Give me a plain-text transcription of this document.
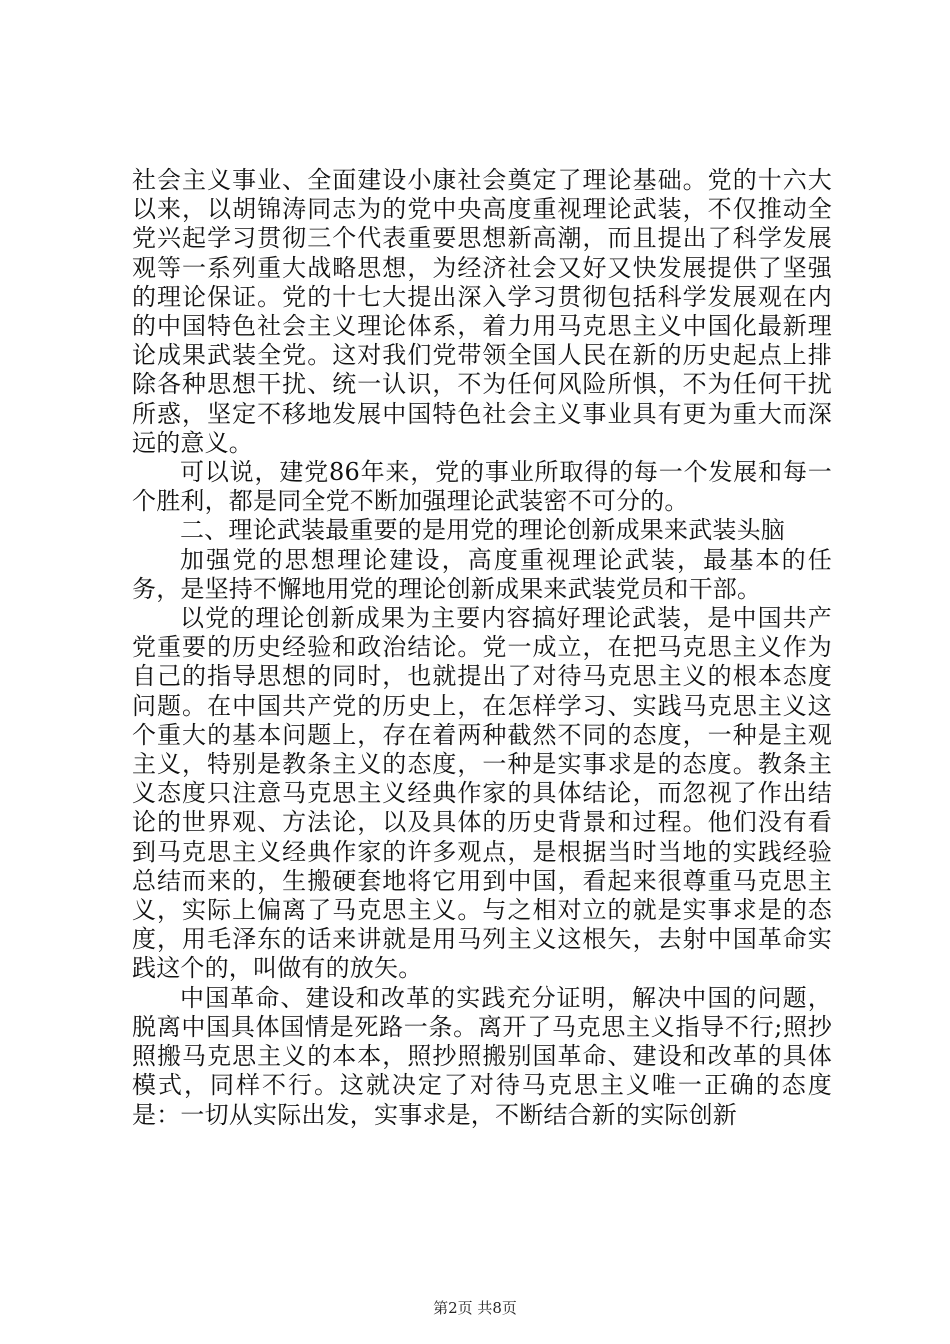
社会主义事业、全面建设小康社会奠定了理论基础。党的十六大以来，以胡锦涛同志为的党中央高度重视理论武装，不仅推动全党兴起学习贯彻三个代表重要思想新高潮，而且提出了科学发展观等一系列重大战略思想，为经济社会又好又快发展提供了坚强的理论保证。党的十七大提出深入学习贯彻包括科学发展观在内的中国特色社会主义理论体系，着力用马克思主义中国化最新理论成果武装全党。这对我们党带领全国人民在新的历史起点上排除各种思想干扰、统一认识，不为任何风险所惧，不为任何干扰所惑，坚定不移地发展中国特色社会主义事业具有更为重大而深远的意义。

可以说，建党86年来，党的事业所取得的每一个发展和每一个胜利，都是同全党不断加强理论武装密不可分的。

二、理论武装最重要的是用党的理论创新成果来武装头脑

加强党的思想理论建设，高度重视理论武装，最基本的任务，是坚持不懈地用党的理论创新成果来武装党员和干部。

以党的理论创新成果为主要内容搞好理论武装，是中国共产党重要的历史经验和政治结论。党一成立，在把马克思主义作为自己的指导思想的同时，也就提出了对待马克思主义的根本态度问题。在中国共产党的历史上，在怎样学习、实践马克思主义这个重大的基本问题上，存在着两种截然不同的态度，一种是主观主义，特别是教条主义的态度，一种是实事求是的态度。教条主义态度只注意马克思主义经典作家的具体结论，而忽视了作出结论的世界观、方法论，以及具体的历史背景和过程。他们没有看到马克思主义经典作家的许多观点，是根据当时当地的实践经验总结而来的，生搬硬套地将它用到中国，看起来很尊重马克思主义，实际上偏离了马克思主义。与之相对立的就是实事求是的态度，用毛泽东的话来讲就是用马列主义这根矢，去射中国革命实践这个的，叫做有的放矢。

中国革命、建设和改革的实践充分证明，解决中国的问题，脱离中国具体国情是死路一条。离开了马克思主义指导不行;照抄照搬马克思主义的本本，照抄照搬别国革命、建设和改革的具体模式，同样不行。这就决定了对待马克思主义唯一正确的态度是：一切从实际出发，实事求是，不断结合新的实际创新

第2页 共8页
